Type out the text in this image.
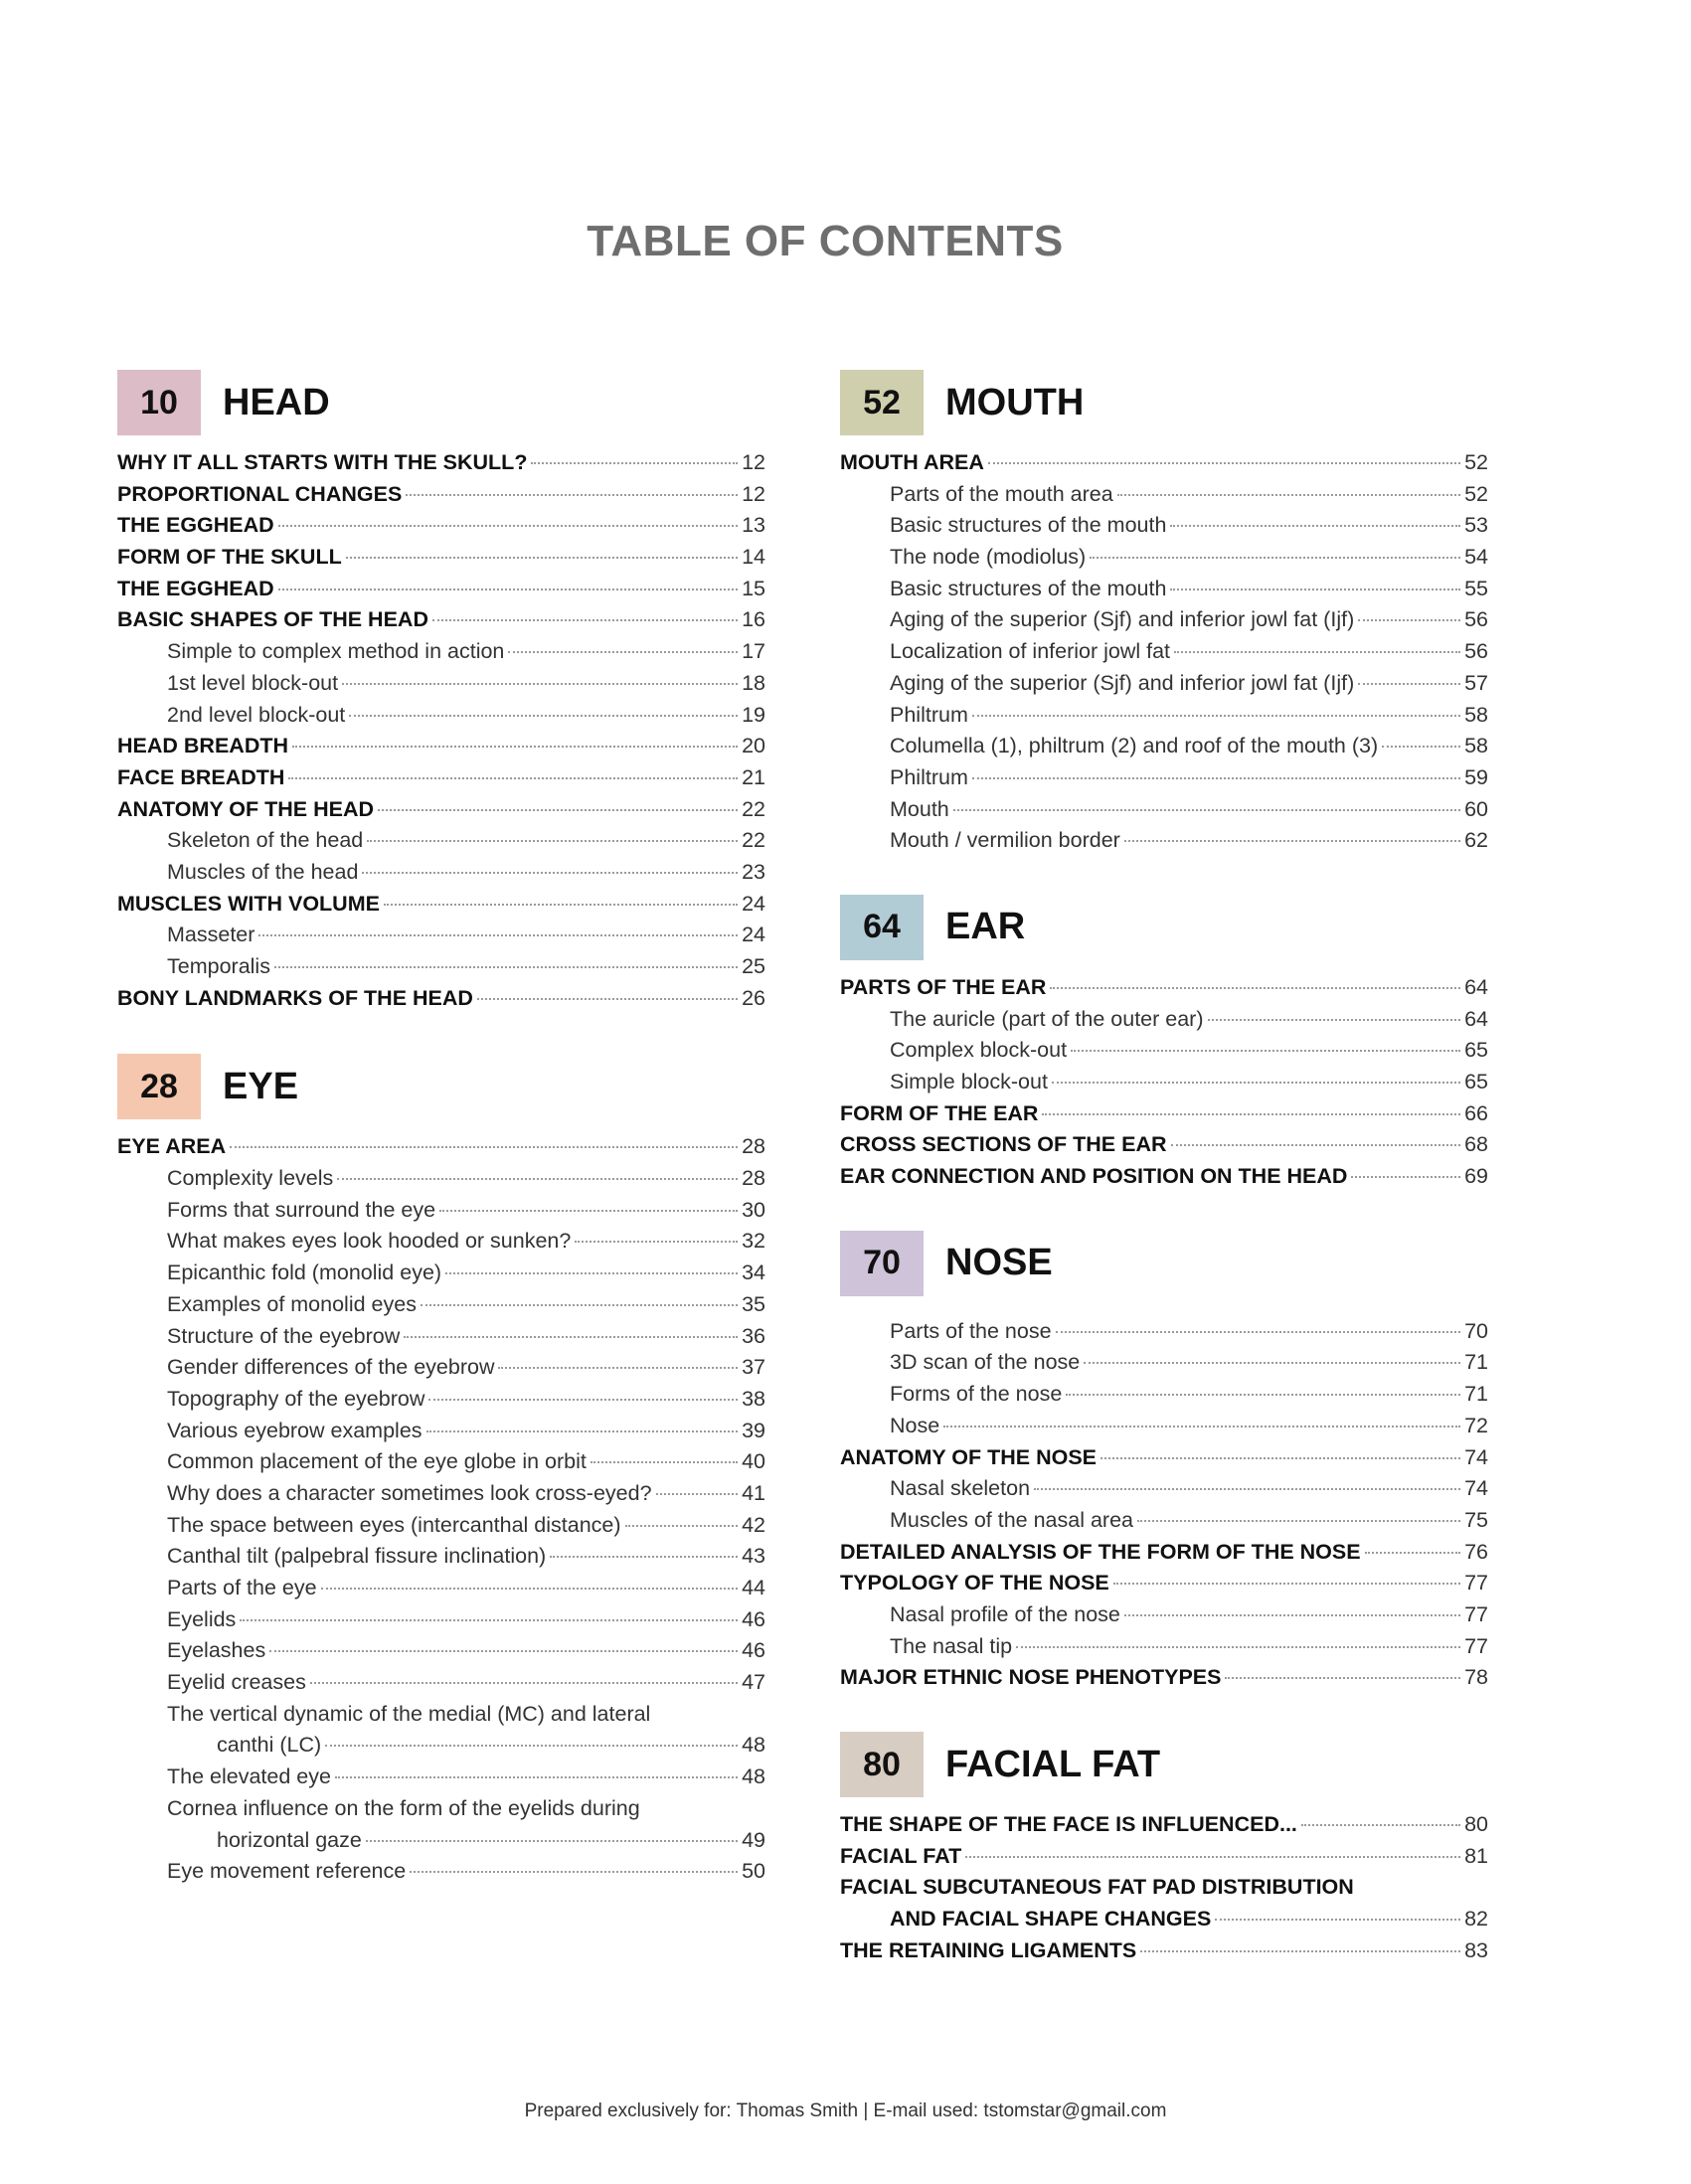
TABLE OF CONTENTS
10	HEAD
WHY IT ALL STARTS WITH THE SKULL?	12
PROPORTIONAL CHANGES	12
THE EGGHEAD	13
FORM OF THE SKULL	14
THE EGGHEAD	15
BASIC SHAPES OF THE HEAD	16
Simple to complex method in action	17
1st level block-out	18
2nd level block-out	19
HEAD BREADTH	20
FACE BREADTH	21
ANATOMY OF THE HEAD	22
Skeleton of the head	22
Muscles of the head	23
MUSCLES WITH VOLUME	24
Masseter	24
Temporalis	25
BONY LANDMARKS OF THE HEAD	26
28	EYE
EYE AREA	28
Complexity levels	28
Forms that surround the eye	30
What makes eyes look hooded or sunken?	32
Epicanthic fold (monolid eye)	34
Examples of monolid eyes	35
Structure of the eyebrow	36
Gender differences of the eyebrow	37
Topography of the eyebrow	38
Various eyebrow examples	39
Common placement of the eye globe in orbit	40
Why does a character sometimes look cross-eyed?	41
The space between eyes (intercanthal distance)	42
Canthal tilt (palpebral fissure inclination)	43
Parts of the eye	44
Eyelids	46
Eyelashes	46
Eyelid creases	47
The vertical dynamic of the medial (MC) and lateral
canthi (LC)	48
The elevated eye	48
Cornea influence on the form of the eyelids during
horizontal gaze	49
Eye movement reference	50
52	MOUTH
MOUTH AREA	52
Parts of the mouth area	52
Basic structures of the mouth	53
The node (modiolus)	54
Basic structures of the mouth	55
Aging of the superior (Sjf) and inferior jowl fat (Ijf)	56
Localization of inferior jowl fat	56
Aging of the superior (Sjf) and inferior jowl fat (Ijf)	57
Philtrum	58
Columella (1), philtrum (2) and roof of the mouth (3)	58
Philtrum	59
Mouth	60
Mouth / vermilion border	62
64	EAR
PARTS OF THE EAR	64
The auricle (part of the outer ear)	64
Complex block-out	65
Simple block-out	65
FORM OF THE EAR	66
CROSS SECTIONS OF THE EAR	68
EAR CONNECTION AND POSITION ON THE HEAD	69
70	NOSE
Parts of the nose	70
3D scan of the nose	71
Forms of the nose	71
Nose	72
ANATOMY OF THE NOSE	74
Nasal skeleton	74
Muscles of the nasal area	75
DETAILED ANALYSIS OF THE FORM OF THE NOSE	76
TYPOLOGY OF THE NOSE	77
Nasal profile of the nose	77
The nasal tip	77
MAJOR ETHNIC NOSE PHENOTYPES	78
80	FACIAL FAT
THE SHAPE OF THE FACE IS INFLUENCED...	80
FACIAL FAT	81
FACIAL SUBCUTANEOUS FAT PAD DISTRIBUTION
AND FACIAL SHAPE CHANGES	82
THE RETAINING LIGAMENTS	83
Prepared exclusively for: Thomas Smith | E-mail used: tstomstar@gmail.com
